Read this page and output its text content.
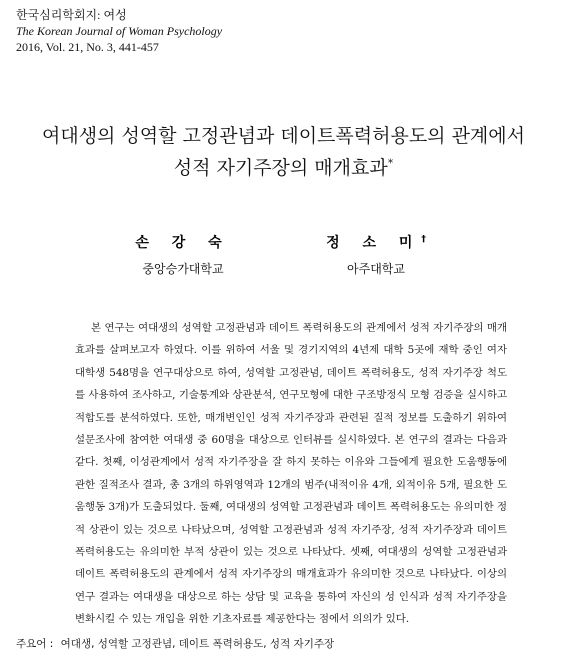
한국심리학회지: 여성
The Korean Journal of Woman Psychology
2016, Vol. 21, No. 3, 441-457
여대생의 성역할 고정관념과 데이트폭력허용도의 관계에서
성적 자기주장의 매개효과*
손 강 숙
중앙승가대학교
정 소 미†
아주대학교

본 연구는 여대생의 성역할 고정관념과 데이트 폭력허용도의 관계에서 성적 자기주장의 매개효과를 살펴보고자 하였다. 이를 위하여 서울 및 경기지역의 4년제 대학 5곳에 재학 중인 여자 대학생 548명을 연구대상으로 하여, 성역할 고정관념, 데이트 폭력허용도, 성적 자기주장 척도를 사용하여 조사하고, 기술통계와 상관분석, 연구모형에 대한 구조방정식 모형 검증을 실시하고 적합도를 분석하였다. 또한, 매개변인인 성적 자기주장과 관련된 질적 정보를 도출하기 위하여 설문조사에 참여한 여대생 중 60명을 대상으로 인터뷰를 실시하였다. 본 연구의 결과는 다음과 같다. 첫째, 이성관계에서 성적 자기주장을 잘 하지 못하는 이유와 그들에게 필요한 도움행동에 관한 질적조사 결과, 총 3개의 하위영역과 12개의 범주(내적이유 4개, 외적이유 5개, 필요한 도움행동 3개)가 도출되었다. 둘째, 여대생의 성역할 고정관념과 데이트 폭력허용도는 유의미한 정적 상관이 있는 것으로 나타났으며, 성역할 고정관념과 성적 자기주장, 성적 자기주장과 데이트 폭력허용도는 유의미한 부적 상관이 있는 것으로 나타났다. 셋째, 여대생의 성역할 고정관념과 데이트 폭력허용도의 관계에서 성적 자기주장의 매개효과가 유의미한 것으로 나타났다. 이상의 연구 결과는 여대생을 대상으로 하는 상담 및 교육을 통하여 자신의 성 인식과 성적 자기주장을 변화시킬 수 있는 개입을 위한 기초자료를 제공한다는 점에서 의의가 있다.

주요어 : 여대생, 성역할 고정관념, 데이트 폭력허용도, 성적 자기주장
